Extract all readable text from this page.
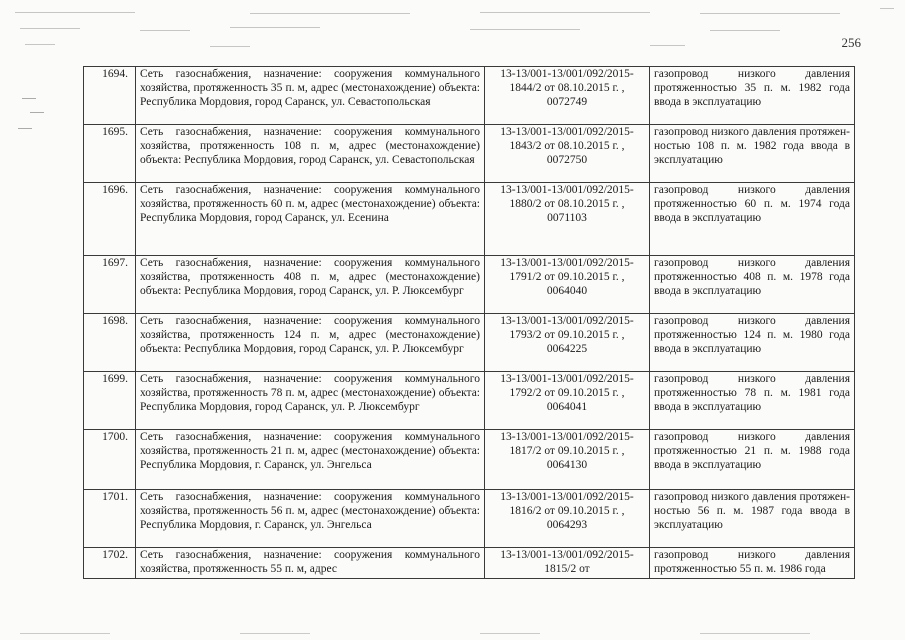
256
1694.	Сеть газоснабжения, назначение: сооружения коммунального хозяйства, протяженность 35 п. м, адрес (местонахождение) объекта: Республика Мордовия, город Саранск, ул. Севастопольская	13-13/001-13/001/092/2015-1844/2 от 08.10.2015 г. , 0072749	газопровод низкого давления протяженностью 35 п. м. 1982 года ввода в эксплуатацию
1695.	Сеть газоснабжения, назначение: сооружения коммунального хозяйства, протяженность 108 п. м, адрес (местонахождение) объекта: Республика Мордовия, город Саранск, ул. Севастопольская	13-13/001-13/001/092/2015-1843/2 от 08.10.2015 г. , 0072750	газопровод низкого давления протяжен-ностью 108 п. м. 1982 года ввода в эксплуатацию
1696.	Сеть газоснабжения, назначение: сооружения коммунального хозяйства, протяженность 60 п. м, адрес (местонахождение) объекта: Республика Мордовия, город Саранск, ул. Есенина	13-13/001-13/001/092/2015-1880/2 от 08.10.2015 г. , 0071103	газопровод низкого давления протяженностью 60 п. м. 1974 года ввода в эксплуатацию
1697.	Сеть газоснабжения, назначение: сооружения коммунального хозяйства, протяженность 408 п. м, адрес (местонахождение) объекта: Республика Мордовия, город Саранск, ул. Р. Люксембург	13-13/001-13/001/092/2015-1791/2 от 09.10.2015 г. , 0064040	газопровод низкого давления протяженностью 408 п. м. 1978 года ввода в эксплуатацию
1698.	Сеть газоснабжения, назначение: сооружения коммунального хозяйства, протяженность 124 п. м, адрес (местонахождение) объекта: Республика Мордовия, город Саранск, ул. Р. Люксембург	13-13/001-13/001/092/2015-1793/2 от 09.10.2015 г. , 0064225	газопровод низкого давления протяженностью 124 п. м. 1980 года ввода в эксплуатацию
1699.	Сеть газоснабжения, назначение: сооружения коммунального хозяйства, протяженность 78 п. м, адрес (местонахождение) объекта: Республика Мордовия, город Саранск, ул. Р. Люксембург	13-13/001-13/001/092/2015-1792/2 от 09.10.2015 г. , 0064041	газопровод низкого давления протяженностью 78 п. м. 1981 года ввода в эксплуатацию
1700.	Сеть газоснабжения, назначение: сооружения коммунального хозяйства, протяженность 21 п. м, адрес (местонахождение) объекта: Республика Мордовия, г. Саранск, ул. Энгельса	13-13/001-13/001/092/2015-1817/2 от 09.10.2015 г. , 0064130	газопровод низкого давления протяженностью 21 п. м. 1988 года ввода в эксплуатацию
1701.	Сеть газоснабжения, назначение: сооружения коммунального хозяйства, протяженность 56 п. м, адрес (местонахождение) объекта: Республика Мордовия, г. Саранск, ул. Энгельса	13-13/001-13/001/092/2015-1816/2 от 09.10.2015 г. , 0064293	газопровод низкого давления протяжен-ностью 56 п. м. 1987 года ввода в эксплуатацию
1702.	Сеть газоснабжения, назначение: сооружения коммунального хозяйства, протяженность 55 п. м, адрес	13-13/001-13/001/092/2015-1815/2 от	газопровод низкого давления протяженностью 55 п. м. 1986 года
